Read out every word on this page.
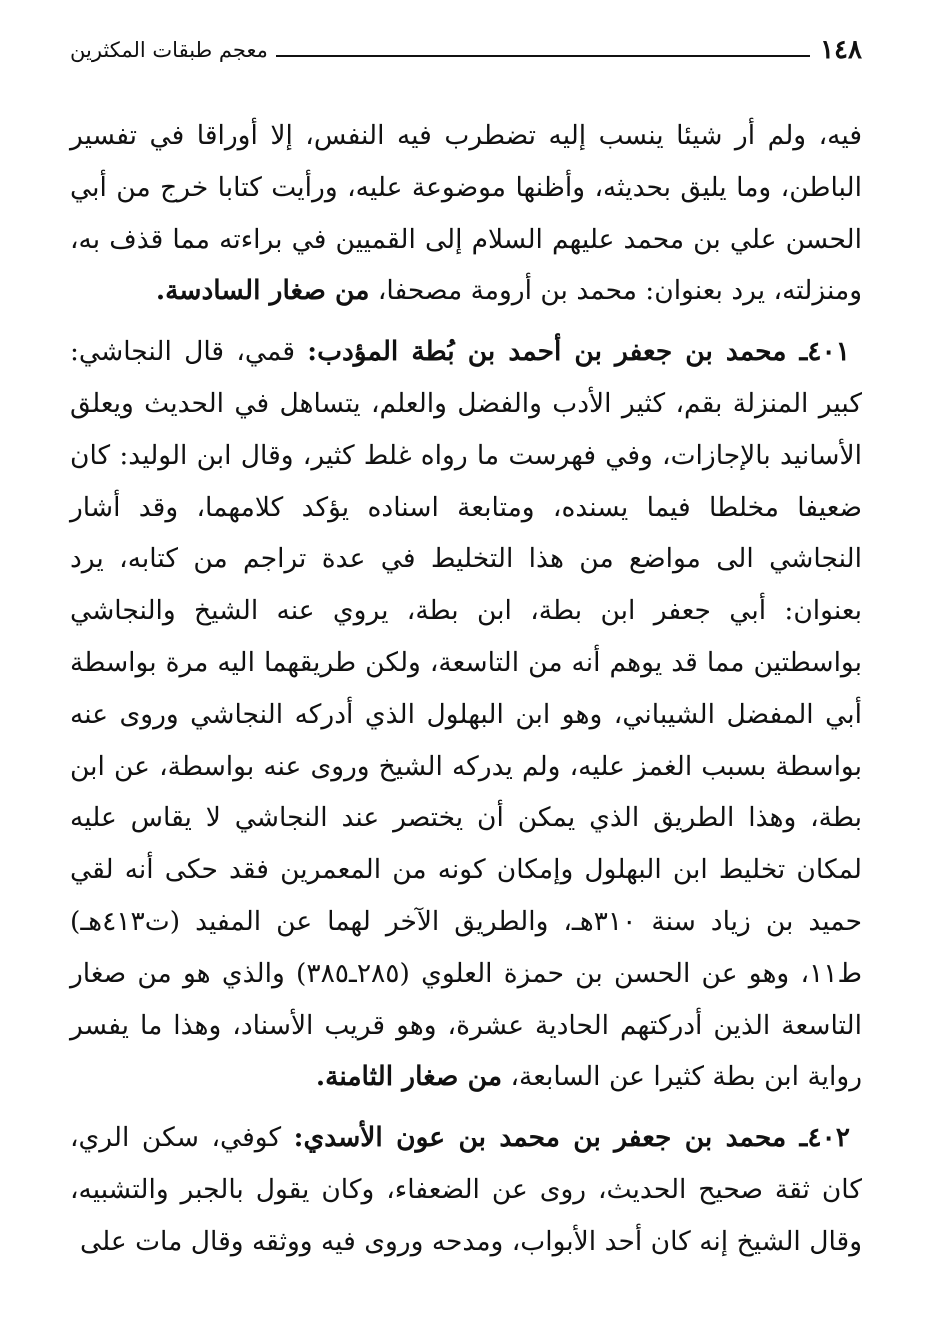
١٤٨
معجم طبقات المكثرين

فيه، ولم أر شيئا ينسب إليه تضطرب فيه النفس، إلا أوراقا في تفسير الباطن، وما يليق بحديثه، وأظنها موضوعة عليه، ورأيت كتابا خرج من أبي الحسن علي بن محمد عليهم السلام إلى القميين في براءته مما قذف به، ومنزلته، يرد بعنوان: محمد بن أرومة مصحفا، من صغار السادسة.

٤٠١ـ محمد بن جعفر بن أحمد بن بُطة المؤدب: قمي، قال النجاشي: كبير المنزلة بقم، كثير الأدب والفضل والعلم، يتساهل في الحديث ويعلق الأسانيد بالإجازات، وفي فهرست ما رواه غلط كثير، وقال ابن الوليد: كان ضعيفا مخلطا فيما يسنده، ومتابعة اسناده يؤكد كلامهما، وقد أشار النجاشي الى مواضع من هذا التخليط في عدة تراجم من كتابه، يرد بعنوان: أبي جعفر ابن بطة، ابن بطة، يروي عنه الشيخ والنجاشي بواسطتين مما قد يوهم أنه من التاسعة، ولكن طريقهما اليه مرة بواسطة أبي المفضل الشيباني، وهو ابن البهلول الذي أدركه النجاشي وروى عنه بواسطة بسبب الغمز عليه، ولم يدركه الشيخ وروى عنه بواسطة، عن ابن بطة، وهذا الطريق الذي يمكن أن يختصر عند النجاشي لا يقاس عليه لمكان تخليط ابن البهلول وإمكان كونه من المعمرين فقد حكى أنه لقي حميد بن زياد سنة ٣١٠هـ، والطريق الآخر لهما عن المفيد (ت٤١٣هـ) ط١١، وهو عن الحسن بن حمزة العلوي (٢٨٥ـ٣٨٥) والذي هو من صغار التاسعة الذين أدركتهم الحادية عشرة، وهو قريب الأسناد، وهذا ما يفسر رواية ابن بطة كثيرا عن السابعة، من صغار الثامنة.

٤٠٢ـ محمد بن جعفر بن محمد بن عون الأسدي: كوفي، سكن الري، كان ثقة صحيح الحديث، روى عن الضعفاء، وكان يقول بالجبر والتشبيه، وقال الشيخ إنه كان أحد الأبواب، ومدحه وروى فيه ووثقه وقال مات على
